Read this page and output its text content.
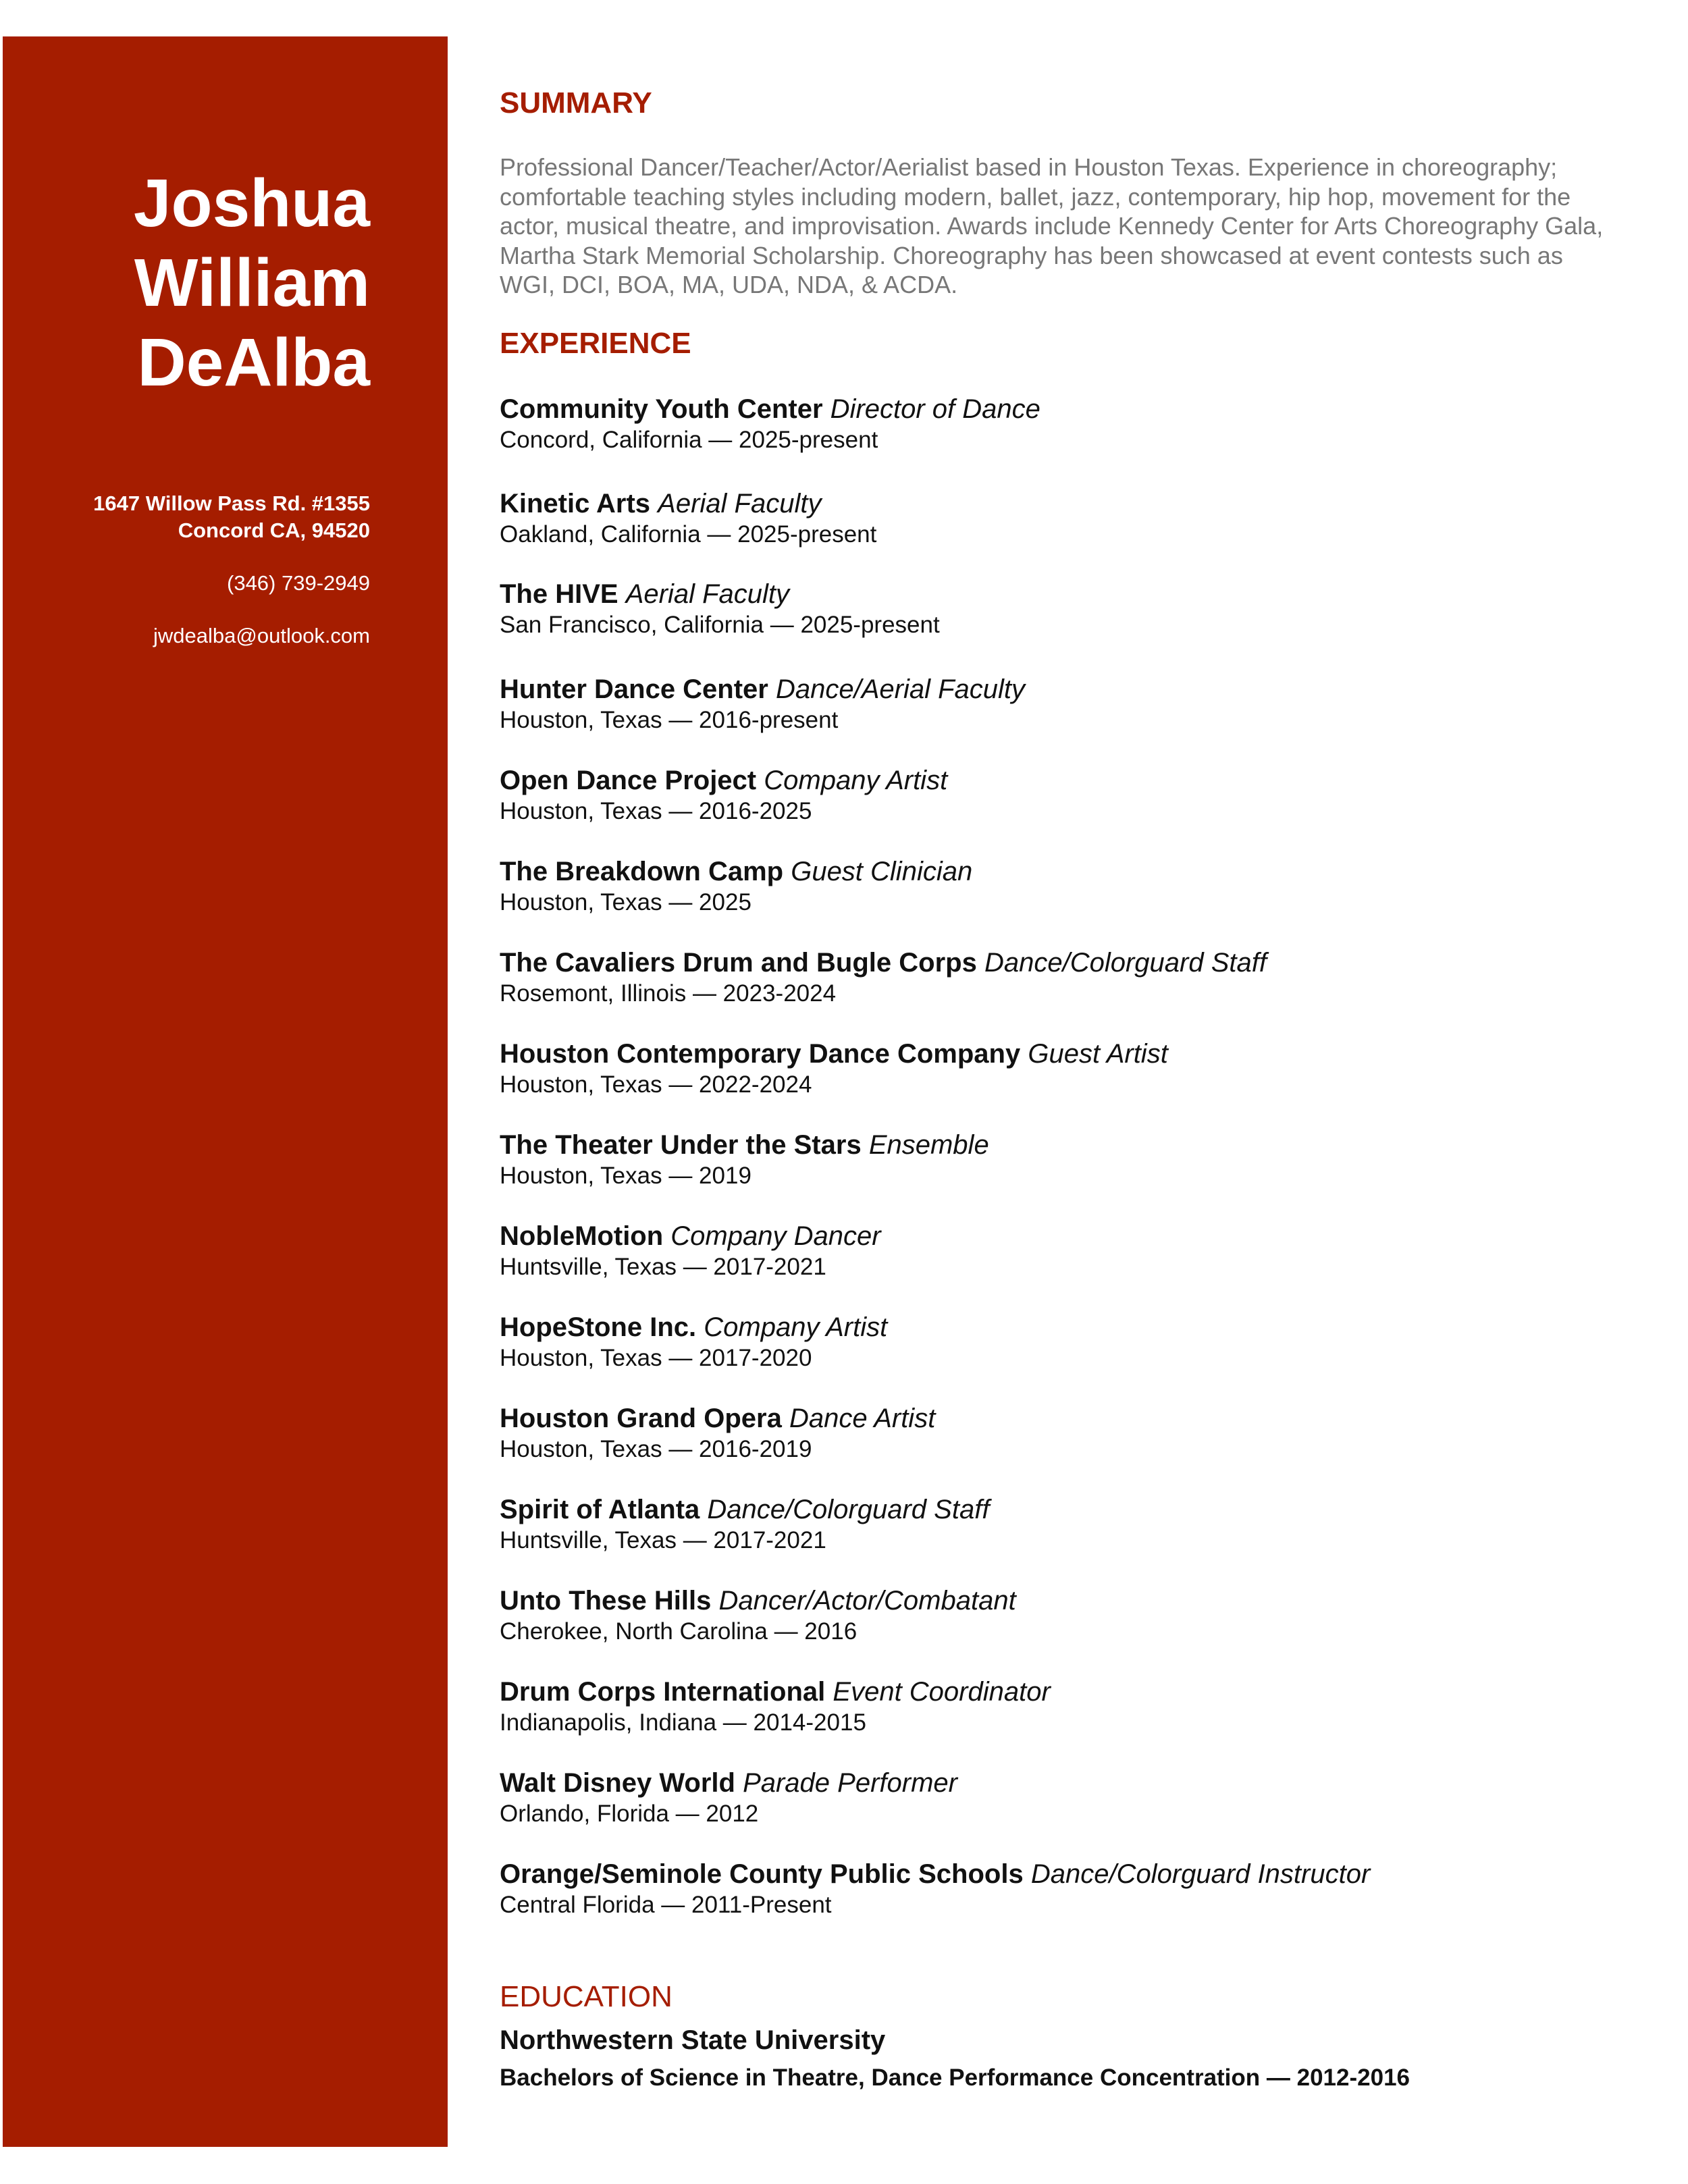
Joshua
William
DeAlba
1647 Willow Pass Rd. #1355
Concord CA, 94520
(346) 739-2949
jwdealba@outlook.com
SUMMARY

Professional Dancer/Teacher/Actor/Aerialist based in Houston Texas. Experience in choreography; comfortable teaching styles including modern, ballet, jazz, contemporary, hip hop, movement for the actor, musical theatre, and improvisation. Awards include Kennedy Center for Arts Choreography Gala, Martha Stark Memorial Scholarship. Choreography has been showcased at event contests such as WGI, DCI, BOA, MA, UDA, NDA, & ACDA.

EXPERIENCE
Community Youth Center Director of Dance
Concord, California — 2025-present
Kinetic Arts Aerial Faculty
Oakland, California — 2025-present
The HIVE Aerial Faculty
San Francisco, California — 2025-present
Hunter Dance Center Dance/Aerial Faculty
Houston, Texas — 2016-present
Open Dance Project Company Artist
Houston, Texas — 2016-2025
The Breakdown Camp Guest Clinician
Houston, Texas — 2025
The Cavaliers Drum and Bugle Corps Dance/Colorguard Staff
Rosemont, Illinois — 2023-2024
Houston Contemporary Dance Company Guest Artist
Houston, Texas — 2022-2024
The Theater Under the Stars Ensemble
Houston, Texas — 2019
NobleMotion Company Dancer
Huntsville, Texas — 2017-2021
HopeStone Inc. Company Artist
Houston, Texas — 2017-2020
Houston Grand Opera Dance Artist
Houston, Texas — 2016-2019
Spirit of Atlanta Dance/Colorguard Staff
Huntsville, Texas — 2017-2021
Unto These Hills Dancer/Actor/Combatant
Cherokee, North Carolina — 2016
Drum Corps International Event Coordinator
Indianapolis, Indiana — 2014-2015
Walt Disney World Parade Performer
Orlando, Florida — 2012
Orange/Seminole County Public Schools Dance/Colorguard Instructor
Central Florida — 2011-Present
EDUCATION
Northwestern State University
Bachelors of Science in Theatre, Dance Performance Concentration — 2012-2016
